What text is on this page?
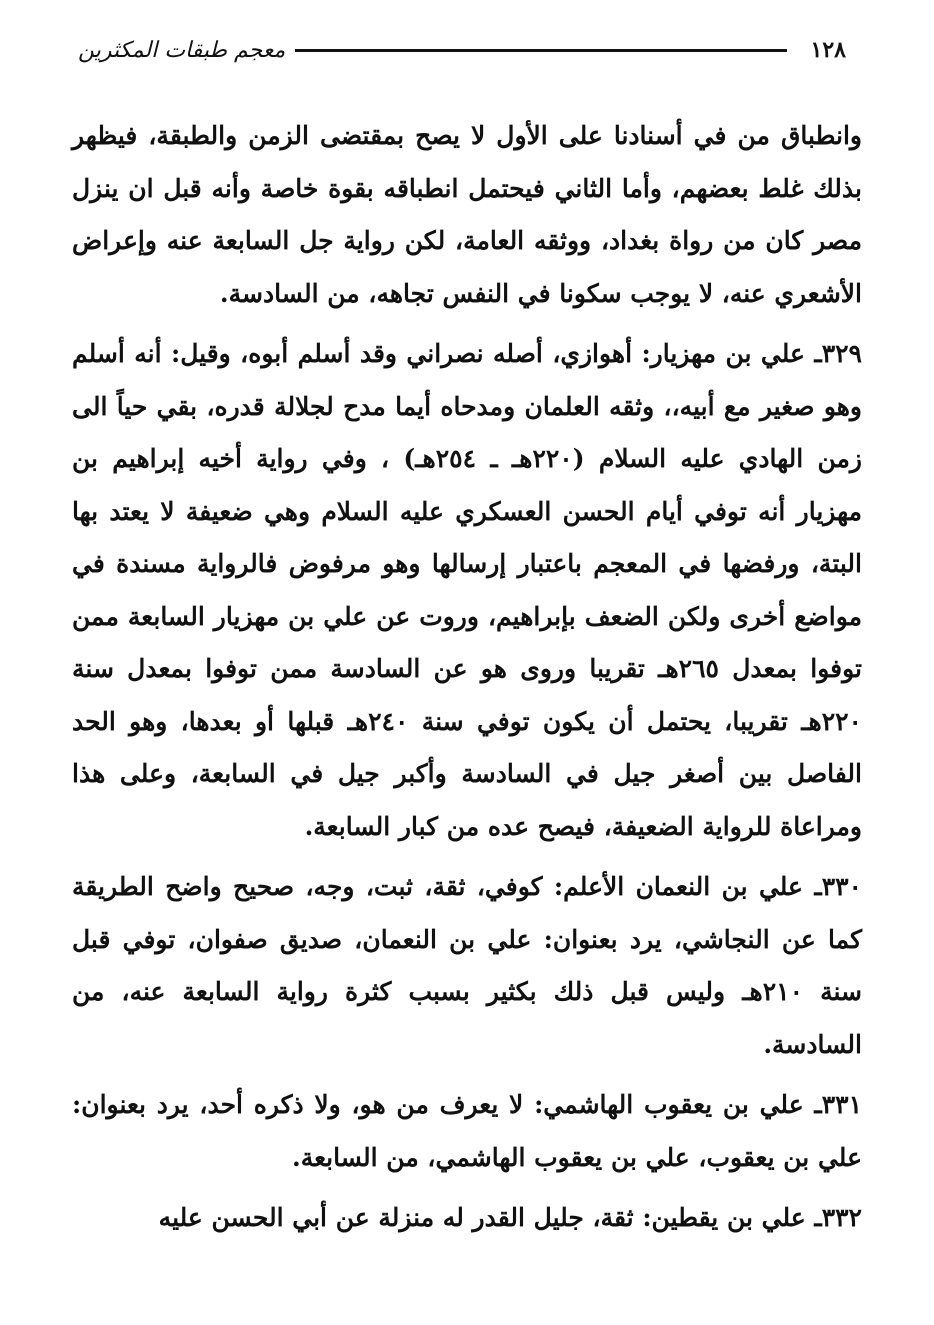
١٢٨
معجم طبقات المكثرين

وانطباق من في أسنادنا على الأول لا يصح بمقتضى الزمن والطبقة، فيظهر بذلك غلط بعضهم، وأما الثاني فيحتمل انطباقه بقوة خاصة وأنه قبل ان ينزل مصر كان من رواة بغداد، ووثقه العامة، لكن رواية جل السابعة عنه وإعراض الأشعري عنه، لا يوجب سكونا في النفس تجاهه، من السادسة.

٣٢٩ـ علي بن مهزيار: أهوازي، أصله نصراني وقد أسلم أبوه، وقيل: أنه أسلم وهو صغير مع أبيه،، وثقه العلمان ومدحاه أيما مدح لجلالة قدره، بقي حياً الى زمن الهادي عليه السلام (٢٢٠هـ ـ ٢٥٤هـ) ، وفي رواية أخيه إبراهيم بن مهزيار أنه توفي أيام الحسن العسكري عليه السلام وهي ضعيفة لا يعتد بها البتة، ورفضها في المعجم باعتبار إرسالها وهو مرفوض فالرواية مسندة في مواضع أخرى ولكن الضعف بإبراهيم، وروت عن علي بن مهزيار السابعة ممن توفوا بمعدل ٢٦٥هـ تقريبا وروى هو عن السادسة ممن توفوا بمعدل سنة ٢٢٠هـ تقريبا، يحتمل أن يكون توفي سنة ٢٤٠هـ قبلها أو بعدها، وهو الحد الفاصل بين أصغر جيل في السادسة وأكبر جيل في السابعة، وعلى هذا ومراعاة للرواية الضعيفة، فيصح عده من كبار السابعة.

٣٣٠ـ علي بن النعمان الأعلم: كوفي، ثقة، ثبت، وجه، صحيح واضح الطريقة كما عن النجاشي، يرد بعنوان: علي بن النعمان، صديق صفوان، توفي قبل سنة ٢١٠هـ وليس قبل ذلك بكثير بسبب كثرة رواية السابعة عنه، من السادسة.

٣٣١ـ علي بن يعقوب الهاشمي: لا يعرف من هو، ولا ذكره أحد، يرد بعنوان: علي بن يعقوب، علي بن يعقوب الهاشمي، من السابعة.

٣٣٢ـ علي بن يقطين: ثقة، جليل القدر له منزلة عن أبي الحسن عليه
